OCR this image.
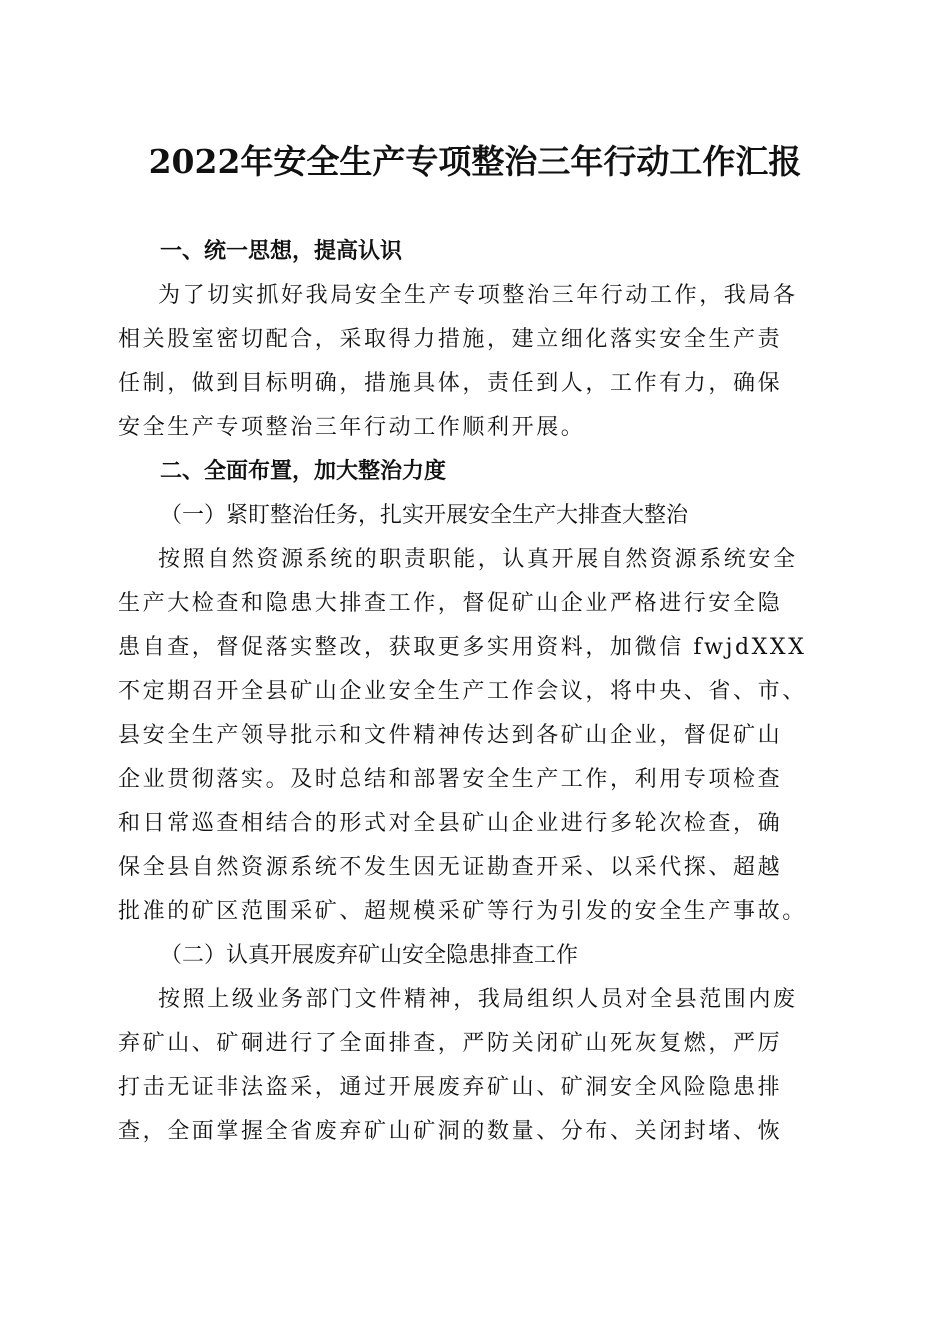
2022年安全生产专项整治三年行动工作汇报
一、统一思想，提高认识
为了切实抓好我局安全生产专项整治三年行动工作，我局各
相关股室密切配合，采取得力措施，建立细化落实安全生产责
任制，做到目标明确，措施具体，责任到人，工作有力，确保
安全生产专项整治三年行动工作顺利开展。
二、全面布置，加大整治力度
（一）紧盯整治任务，扎实开展安全生产大排查大整治
按照自然资源系统的职责职能，认真开展自然资源系统安全
生产大检查和隐患大排查工作，督促矿山企业严格进行安全隐
患自查，督促落实整改，获取更多实用资料，加微信 fwjdXXX
不定期召开全县矿山企业安全生产工作会议，将中央、省、市、
县安全生产领导批示和文件精神传达到各矿山企业，督促矿山
企业贯彻落实。及时总结和部署安全生产工作，利用专项检查
和日常巡查相结合的形式对全县矿山企业进行多轮次检查，确
保全县自然资源系统不发生因无证勘查开采、以采代探、超越
批准的矿区范围采矿、超规模采矿等行为引发的安全生产事故。
（二）认真开展废弃矿山安全隐患排查工作
按照上级业务部门文件精神，我局组织人员对全县范围内废
弃矿山、矿硐进行了全面排查，严防关闭矿山死灰复燃，严厉
打击无证非法盗采，通过开展废弃矿山、矿洞安全风险隐患排
查，全面掌握全省废弃矿山矿洞的数量、分布、关闭封堵、恢
